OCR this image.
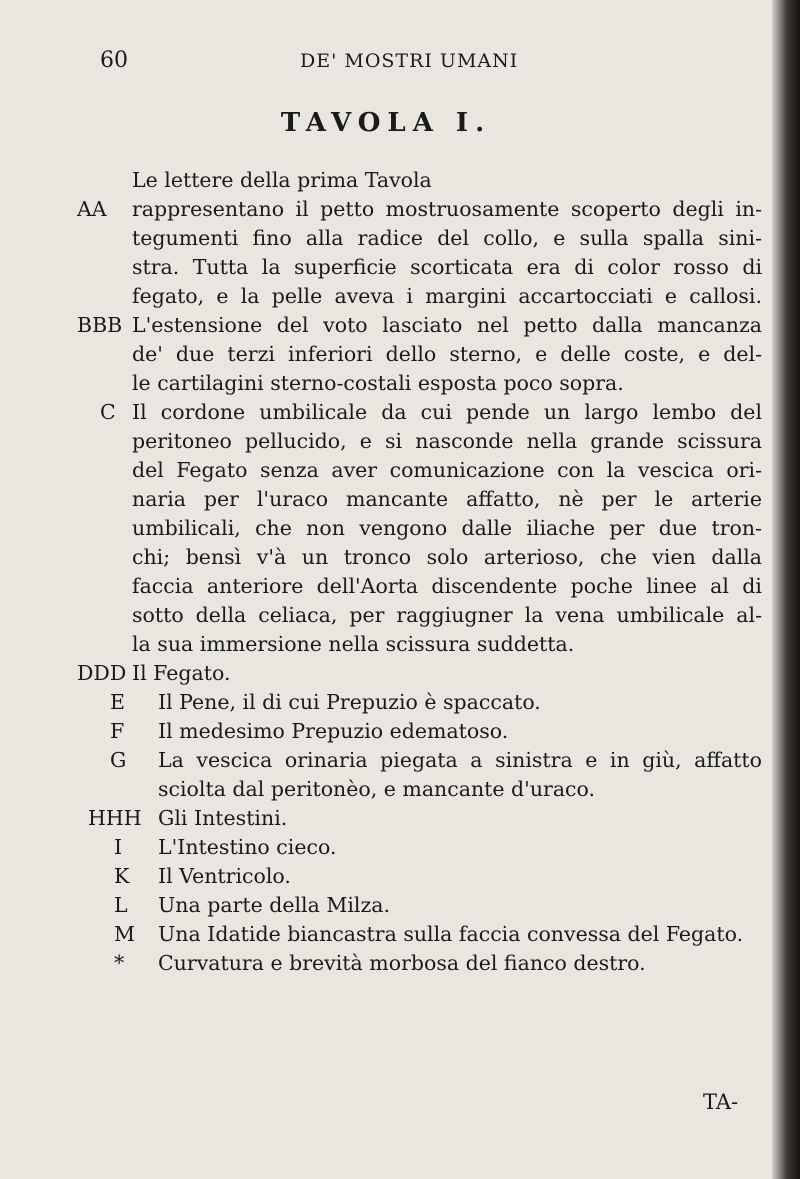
60	DE' MOSTRI UMANI
TAVOLA I.
Le lettere della prima Tavola
AA rappresentano il petto mostruosamente scoperto degli in-
tegumenti fino alla radice del collo, e sulla spalla sini-
stra. Tutta la superficie scorticata era di color rosso di
fegato, e la pelle aveva i margini accartocciati e callosi.
BBB L'estensione del voto lasciato nel petto dalla mancanza
de' due terzi inferiori dello sterno, e delle coste, e del-
le cartilagini sterno-costali esposta poco sopra.
C Il cordone umbilicale da cui pende un largo lembo del
peritoneo pellucido, e si nasconde nella grande scissura
del Fegato senza aver comunicazione con la vescica ori-
naria per l'uraco mancante affatto, nè per le arterie
umbilicali, che non vengono dalle iliache per due tron-
chi; bensì v'à un tronco solo arterioso, che vien dalla
faccia anteriore dell'Aorta discendente poche linee al di
sotto della celiaca, per raggiugner la vena umbilicale al-
la sua immersione nella scissura suddetta.
DDD Il Fegato.
E Il Pene, il di cui Prepuzio è spaccato.
F Il medesimo Prepuzio edematoso.
G La vescica orinaria piegata a sinistra e in giù, affatto
sciolta dal peritonèo, e mancante d'uraco.
HHH Gli Intestini.
I L'Intestino cieco.
K Il Ventricolo.
L Una parte della Milza.
M Una Idatide biancastra sulla faccia convessa del Fegato.
* Curvatura e brevità morbosa del fianco destro.
TA-
